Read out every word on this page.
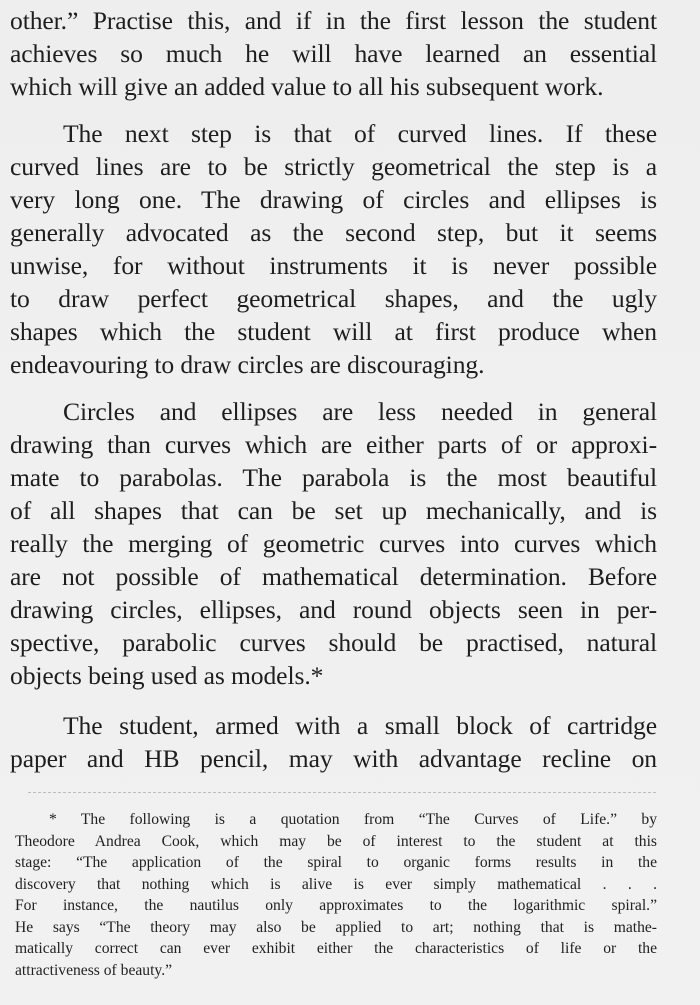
other.” Practise this, and if in the first lesson the student
achieves so much he will have learned an essential
which will give an added value to all his subsequent work.

The next step is that of curved lines. If these
curved lines are to be strictly geometrical the step is a
very long one. The drawing of circles and ellipses is
generally advocated as the second step, but it seems
unwise, for without instruments it is never possible
to draw perfect geometrical shapes, and the ugly
shapes which the student will at first produce when
endeavouring to draw circles are discouraging.

Circles and ellipses are less needed in general
drawing than curves which are either parts of or approxi-
mate to parabolas. The parabola is the most beautiful
of all shapes that can be set up mechanically, and is
really the merging of geometric curves into curves which
are not possible of mathematical determination. Before
drawing circles, ellipses, and round objects seen in per-
spective, parabolic curves should be practised, natural
objects being used as models.*

The student, armed with a small block of cartridge
paper and HB pencil, may with advantage recline on

* The following is a quotation from “The Curves of Life.” by
Theodore Andrea Cook, which may be of interest to the student at this
stage: “The application of the spiral to organic forms results in the
discovery that nothing which is alive is ever simply mathematical . . .
For instance, the nautilus only approximates to the logarithmic spiral.”
He says “The theory may also be applied to art; nothing that is mathe-
matically correct can ever exhibit either the characteristics of life or the
attractiveness of beauty.”
